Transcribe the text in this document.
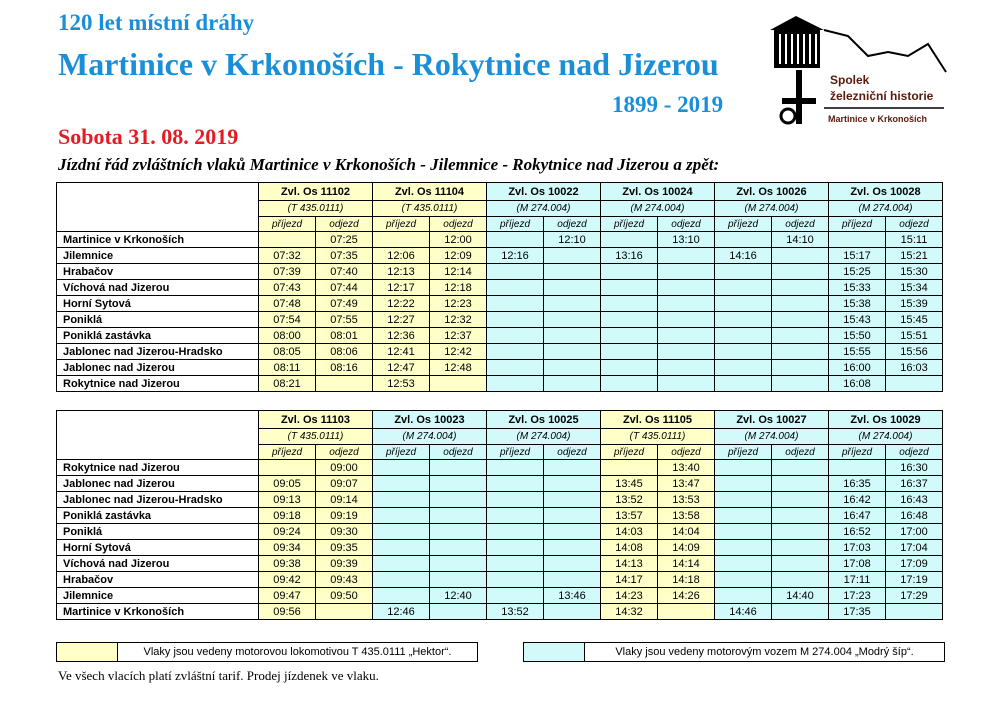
120 let místní dráhy
Martinice v Krkonoších - Rokytnice nad Jizerou
1899 - 2019
Sobota 31. 08. 2019
Jízdní řád zvláštních vlaků Martinice v Krkonoších - Jilemnice - Rokytnice nad Jizerou a zpět:
Spolek
železniční historie
Martinice v Krkonoších
	Zvl. Os 11102		Zvl. Os 11104		Zvl. Os 10022		Zvl. Os 10024		Zvl. Os 10026		Zvl. Os 10028	
	(T 435.0111)		(T 435.0111)		(M 274.004)		(M 274.004)		(M 274.004)		(M 274.004)	
	příjezd	odjezd	příjezd	odjezd	příjezd	odjezd	příjezd	odjezd	příjezd	odjezd	příjezd	odjezd
Martinice v Krkonoších		07:25		12:00		12:10		13:10		14:10		15:11
Jilemnice	07:32	07:35	12:06	12:09	12:16		13:16		14:16		15:17	15:21
Hrabačov	07:39	07:40	12:13	12:14							15:25	15:30
Víchová nad Jizerou	07:43	07:44	12:17	12:18							15:33	15:34
Horní Sytová	07:48	07:49	12:22	12:23							15:38	15:39
Poniklá	07:54	07:55	12:27	12:32							15:43	15:45
Poniklá zastávka	08:00	08:01	12:36	12:37							15:50	15:51
Jablonec nad Jizerou-Hradsko	08:05	08:06	12:41	12:42							15:55	15:56
Jablonec nad Jizerou	08:11	08:16	12:47	12:48							16:00	16:03
Rokytnice nad Jizerou	08:21		12:53								16:08	
	Zvl. Os 11103		Zvl. Os 10023		Zvl. Os 10025		Zvl. Os 11105		Zvl. Os 10027		Zvl. Os 10029	
	(T 435.0111)		(M 274.004)		(M 274.004)		(T 435.0111)		(M 274.004)		(M 274.004)	
	příjezd	odjezd	příjezd	odjezd	příjezd	odjezd	příjezd	odjezd	příjezd	odjezd	příjezd	odjezd
Rokytnice nad Jizerou		09:00						13:40				16:30
Jablonec nad Jizerou	09:05	09:07					13:45	13:47			16:35	16:37
Jablonec nad Jizerou-Hradsko	09:13	09:14					13:52	13:53			16:42	16:43
Poniklá zastávka	09:18	09:19					13:57	13:58			16:47	16:48
Poniklá	09:24	09:30					14:03	14:04			16:52	17:00
Horní Sytová	09:34	09:35					14:08	14:09			17:03	17:04
Víchová nad Jizerou	09:38	09:39					14:13	14:14			17:08	17:09
Hrabačov	09:42	09:43					14:17	14:18			17:11	17:19
Jilemnice	09:47	09:50		12:40		13:46	14:23	14:26		14:40	17:23	17:29
Martinice v Krkonoších	09:56		12:46		13:52		14:32		14:46		17:35	
Vlaky jsou vedeny motorovou lokomotivou T 435.0111 „Hektor“.	Vlaky jsou vedeny motorovým vozem M 274.004 „Modrý šíp“.
Ve všech vlacích platí zvláštní tarif. Prodej jízdenek ve vlaku.
